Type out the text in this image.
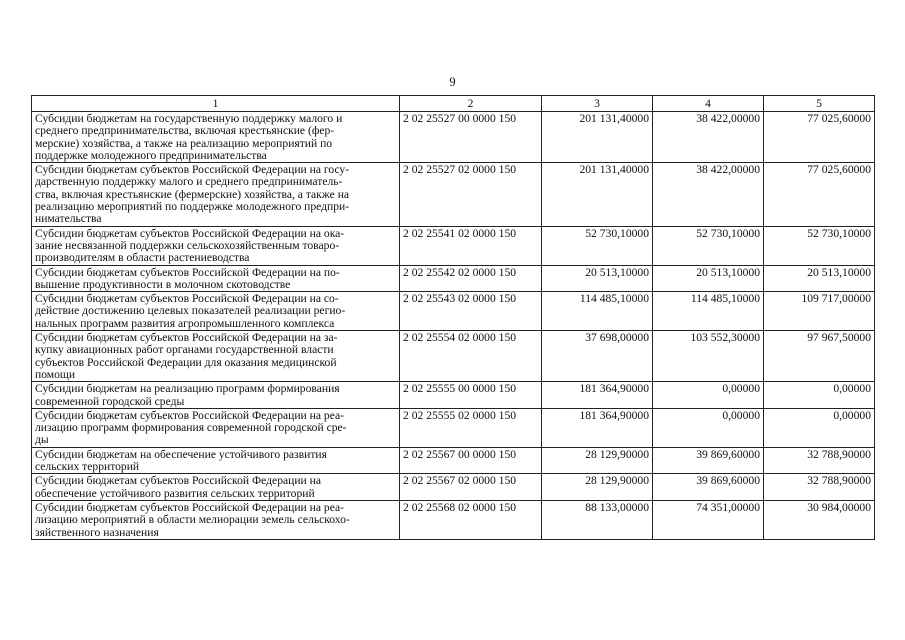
9
1	2	3	4	5

Субсидии бюджетам на государственную поддержку малого и
среднего предпринимательства, включая крестьянские (фер-
мерские) хозяйства, а также на реализацию мероприятий по
поддержке молодежного предпринимательства	2 02 25527 00 0000 150	201 131,40000	38 422,00000	77 025,60000

Субсидии бюджетам субъектов Российской Федерации на госу-
дарственную поддержку малого и среднего предприниматель-
ства, включая крестьянские (фермерские) хозяйства, а также на
реализацию мероприятий по поддержке молодежного предпри-
нимательства	2 02 25527 02 0000 150	201 131,40000	38 422,00000	77 025,60000

Субсидии бюджетам субъектов Российской Федерации на ока-
зание несвязанной поддержки сельскохозяйственным товаро-
производителям в области растениеводства	2 02 25541 02 0000 150	52 730,10000	52 730,10000	52 730,10000

Субсидии бюджетам субъектов Российской Федерации на по-
вышение продуктивности в молочном скотоводстве	2 02 25542 02 0000 150	20 513,10000	20 513,10000	20 513,10000

Субсидии бюджетам субъектов Российской Федерации на со-
действие достижению целевых показателей реализации регио-
нальных программ развития агропромышленного комплекса	2 02 25543 02 0000 150	114 485,10000	114 485,10000	109 717,00000

Субсидии бюджетам субъектов Российской Федерации на за-
купку авиационных работ органами государственной власти
субъектов Российской Федерации для оказания медицинской
помощи	2 02 25554 02 0000 150	37 698,00000	103 552,30000	97 967,50000

Субсидии бюджетам на реализацию программ формирования
современной городской среды	2 02 25555 00 0000 150	181 364,90000	0,00000	0,00000

Субсидии бюджетам субъектов Российской Федерации на реа-
лизацию программ формирования современной городской сре-
ды	2 02 25555 02 0000 150	181 364,90000	0,00000	0,00000

Субсидии бюджетам на обеспечение устойчивого развития
сельских территорий	2 02 25567 00 0000 150	28 129,90000	39 869,60000	32 788,90000

Субсидии бюджетам субъектов Российской Федерации на
обеспечение устойчивого развития сельских территорий	2 02 25567 02 0000 150	28 129,90000	39 869,60000	32 788,90000

Субсидии бюджетам субъектов Российской Федерации на реа-
лизацию мероприятий в области мелиорации земель сельскохо-
зяйственного назначения	2 02 25568 02 0000 150	88 133,00000	74 351,00000	30 984,00000
